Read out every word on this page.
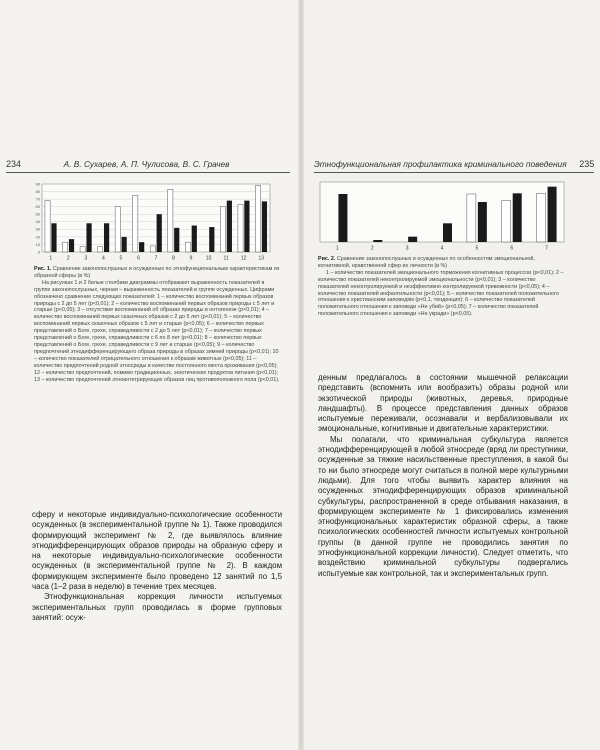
234	А. В. Сухарев, А. П. Чулисова, В. С. Грачев
90
80
70
60
50
40
30
20
10
0
1	2	3	4	5	6	7	8	9	10 11 12 13

Рис. 1. Сравнение законопослушных и осужденных по этнофункциональным характеристикам их образной сферы (в %)

На рисунках 1 и 2 белые столбики диаграммы отображают выраженность показателей в группе законопослушных, черная – выраженность показателей в группе осужденных. Цифрами обозначено сравнение следующих показателей: 1 – количество воспоминаний первых образов природы с 2 до 5 лет (p<0,01); 2 – количество воспоминаний первых образов природы с 5 лет и старше (p<0,05); 3 – отсутствие воспоминаний об образах природы в онтогенезе (p<0,01); 4 – количество воспоминаний первых сказочных образов с 2 до 5 лет (p<0,01); 5 – количество воспоминаний первых сказочных образов с 5 лет и старше (p<0,05); 6 – количество первых представлений о Боге, грехе, справедливости с 2 до 5 лет (p<0,01); 7 – количество первых представлений о Боге, грехе, справедливости с 6 по 8 лет (p<0,01); 8 – количество первых представлений о Боге, грехе, справедливости с 9 лет и старше (p<0,05); 9 – количество предпочтений этнодифференцирующего образа природы в образах зимней природы (p<0,01); 10 – количество показателей отрицательного отношения к образам животных (p<0,05); 11 – количество предпочтений родной этносреды в качестве постоянного места проживания (p<0,05); 12 – количество предпочтений, помимо традиционных, экзотических продуктов питания (p<0,01); 13 – количество предпочтений этноинтегрирующих образов лиц противоположного пола (p<0,01).

сферу и некоторые индивидуально-психологические особенности осужденных (в экспериментальной группе № 1). Также проводился формирующий эксперимент № 2, где выявлялось влияние этнодифференцирующих образов природы на образную сферу и на некоторые индивидуально-психологические особенности осужденных (в экспериментальной группе № 2). В каждом формирующем эксперименте было проведено 12 занятий по 1,5 часа (1–2 раза в неделю) в течение трех месяцев.

Этнофункциональная коррекция личности испытуемых экспериментальных групп проводилась в форме групповых занятий: осуж-

Этнофункциональная профилактика криминального поведения 235
1	2	3	4	5	6	7

Рис. 2. Сравнение законопослушных и осужденных по особенностям эмоциональной, когнитивной, нравственной сфер их личности (в %)

1 – количество показателей эмоционального торможения когнитивных процессов (p<0,01); 2 – количество показателей неконтролируемой эмоциональности (p<0,01); 3 – количество показателей неконтролируемой и неэффективно контролируемой тревожности (p<0,05); 4 – количество показателей инфантильности (p<0,01); 5 – количество показателей положительного отношения к христианским заповедям (p<0,1, тенденция); 6 – количество показателей положительного отношения к заповеди «Не убий» (p<0,05); 7 – количество показателей положительного отношения к заповеди «Не укради» (p<0,05).

денным предлагалось в состоянии мышечной релаксации представить (вспомнить или вообразить) образы родной или экзотической природы (животных, деревья, природные ландшафты). В процессе представления данных образов испытуемые переживали, осознавали и вербализовывали их эмоциональные, когнитивные и двигательные характеристики.

Мы полагали, что криминальная субкультура является этнодифференцирующей в любой этносреде (вряд ли преступники, осужденные за тяжкие насильственные преступления, в какой бы то ни было этносреде могут считаться в полной мере культурными людьми). Для того чтобы выявить характер влияния на осужденных этнодифференцирующих образов криминальной субкультуры, распространенной в среде отбывания наказания, в формирующем эксперименте № 1 фиксировались изменения этнофункциональных характеристик образной сферы, а также психологических особенностей личности испытуемых контрольной группы (в данной группе не проводились занятия по этнофункциональной коррекции личности). Следует отметить, что воздействию криминальной субкультуры подвергались испытуемые как контрольной, так и экспериментальных групп.
